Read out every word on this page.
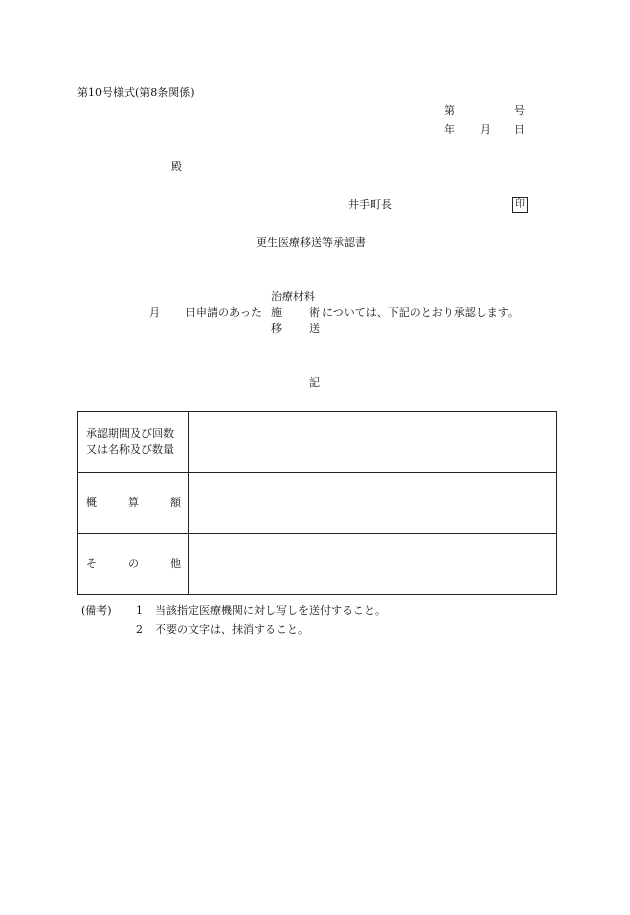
第10号様式(第8条関係)
第	号
年 月 日
殿
井手町長	印
更生医療移送等承認書
治療材料
月 日申請のあった 施 術 については、下記のとおり承認します。
移 送
記
承認期間及び回数
又は名称及び数量	

概 算 額	

そ の 他	

(備考) 1 当該指定医療機関に対し写しを送付すること。
2 不要の文字は、抹消すること。
